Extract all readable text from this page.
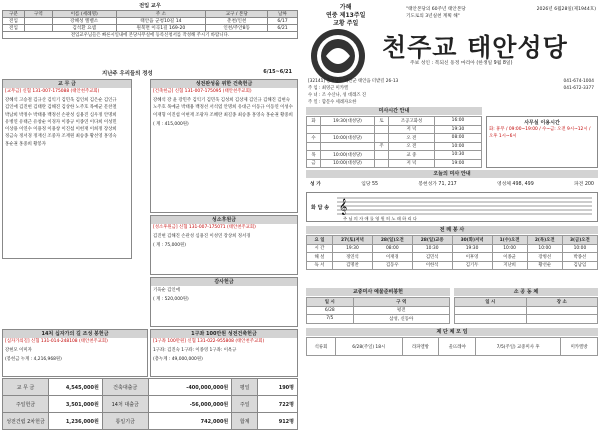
전입 교우
구분	구역	이름 (세례명)	주 소	교구 / 본당	날짜
전입		강혜성 엘벨소	태안읍 군청10길 14	춘천/인천	6/17
전입		김석환 요셉	원북면 이곡1길 169-20	인천/주안8동	6/21
전입교우님들은 빠른시일내에 본당사무실에 등록신청서를 작성해 주시기 바랍니다.					
지난주 우리들의 정성	6/15~6/21
교 무 금
[교무금] 신협 131-007-175088 (태안천주교회)
강혜석 고승철 김규산 김익기 김민욱 김인희 김은순 김인규 김인애 김진현 김태란 김해진 김상한 노주호 목예균 문찬철 박남희 박정수 박태용 백정선 손관성 심용진 심우정 안명희 유병연 유태근 유창순 이경자 이종규 이종연 이다희 이성민 이상용 이연수 이용정 이용창 이진섭 이헌재 이희정 장상희 정금숙 정서경 정재신 조중자 조재원 최승종 황선영 홍영숙 홍순권 홍중희 황봉자
성전완성을 위한 건축헌금
[건축헌금] 신협 131-007-175095 (태안천주교회)
강혜석 강 윤 강민주 김익기 김민욱 김성희 김상제 김인규 김해진 김현숙 노주호 목예균 박태용 백정선 서석엽 안명희 유대근 이동규 이동연 이성수 이재형 이진섭 이현재 조광자 조혜란 최길종 최승종 홍영숙 홍순권 황중희
( 계 : 415,000원)
성소후원금
[성소후원금] 신협 131-007-175071 (태안천주교회)
김진현 김해진 손관성 심용진 이성연 장상희 정서경
( 계 : 75,000원)
감사헌금
기육순 김인애
( 계 : 520,000원)
14처 십자가의 길 조성 봉헌금
[십자가의길] 신협 131-014-248108 (태안천주교회)
강현모 이미자
(봉헌금 누계 : 4,216,968원)
1구좌 100만원 성전건축헌금
[1구좌 100만원] 신협 131-022-955808 (태안천주교회)
1구좌: 김진숙 1구좌: 이종영 1구좌: 이옥규
(총누계 : 49,000,000원)
교 무 금	4,545,000원	건축대출금	-400,000,000원	평일	190명
주일헌금	3,501,000원	14처 대출금	-56,000,000원	주일	722명
성전건립 2차헌금	1,236,000원	통일기금	742,000원	합계	912명
가해
연중 제13주일
교황 주일
"태안본당의 60주년 태안본당
기도로의 3년실천 계획 해"
2026년 6월28일(제1944호)
천주교 태안성당
주보 성인 : 복되신 동정 마리아 (한생일 9월 8일)
[32141] 충청남도 태안군 태안읍 터밭길 26-13
주 임 : 최영근 미카엘
수 녀 : 조 수산나, 성 데레즈 진
주 일 : 함문수 세례자요한
041-674-1004
041-672-3377
미사시간 안내
화	19:30(대성당)	토	조공고화성	16:00
			저 녁	19:30
수	10:00(대성당)		오 전	08:00
		주	오 전	10:00
목	10:00(대성당)		교 중	10:30
금	10:00(대성당)		저 녁	19:00
사무실 이용시간
화: 휴무 / 09:00~19:00 / 수~금: 오전 9시~12시 / 오후 1시~6시
오늘의 미사 안내
성 가	입당 55	봉헌성가 71, 217	영성체 498, 499	파견 200
화 답 송 𝄞
주 님 의 자 애 를 영 원 히 노 래 하 리 다
전 례 봉 사
요 일	27(토)저녁	28(일)오전	28(일)교중	30(화)저녁	1(수)오전	2(목)오전	3(금)오전
시 간	19:30	08:00	10:30	19:30	10:00	10:00	10:00
해 설	정연석	이재경	김민석	이후영	이종균	장병선	박종선
독 서	김명찬	김동우	이한석	김기두	지난희	황선순	김남임
교중미사 예물준비봉헌
일 시	구 역
6/28	평전
7/5	삼성, 신동아
소 공 동 체
일 시	장 소

제 단 체 모 임
석류회	6/28(주일) 18시	라파엘방	울뜨레야	7/5(주일) 교중미사 후	미카엘방
